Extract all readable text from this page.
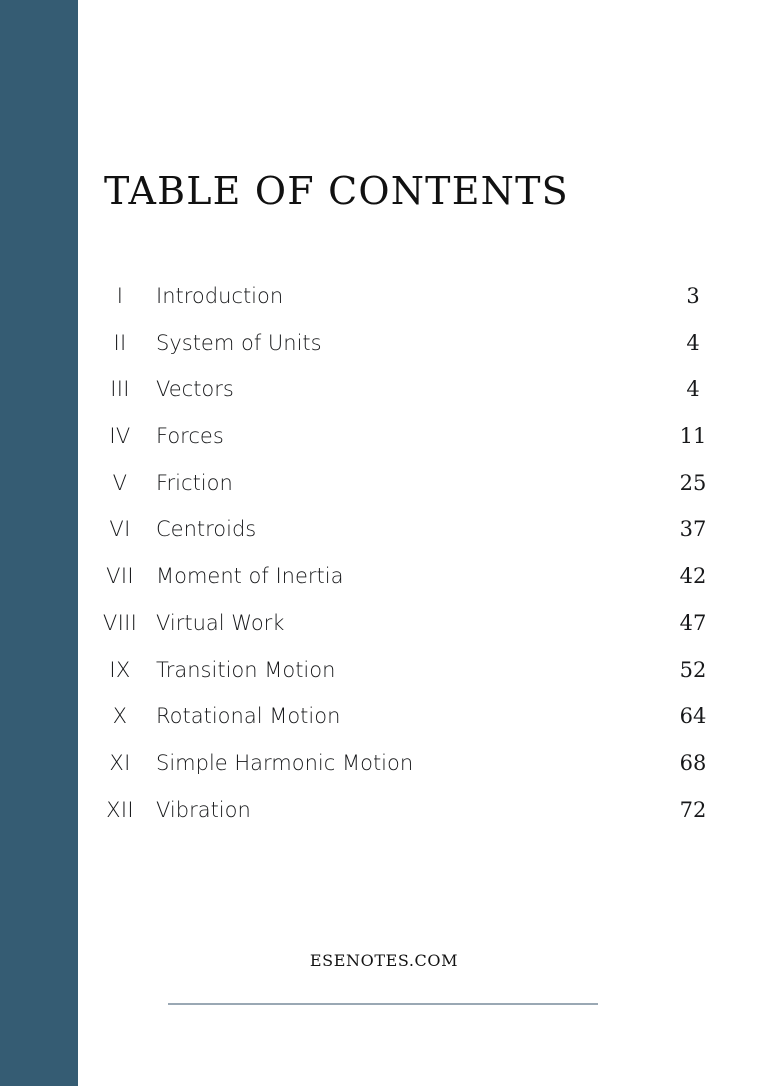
TABLE OF CONTENTS
I	Introduction	3
II	System of Units	4
III	Vectors	4
IV	Forces	11
V	Friction	25
VI	Centroids	37
VII	Moment of Inertia	42
VIII Virtual Work	47
IX	Transition Motion	52
X	Rotational Motion	64
XI	Simple Harmonic Motion	68
XII	Vibration	72
ESENOTES.COM
